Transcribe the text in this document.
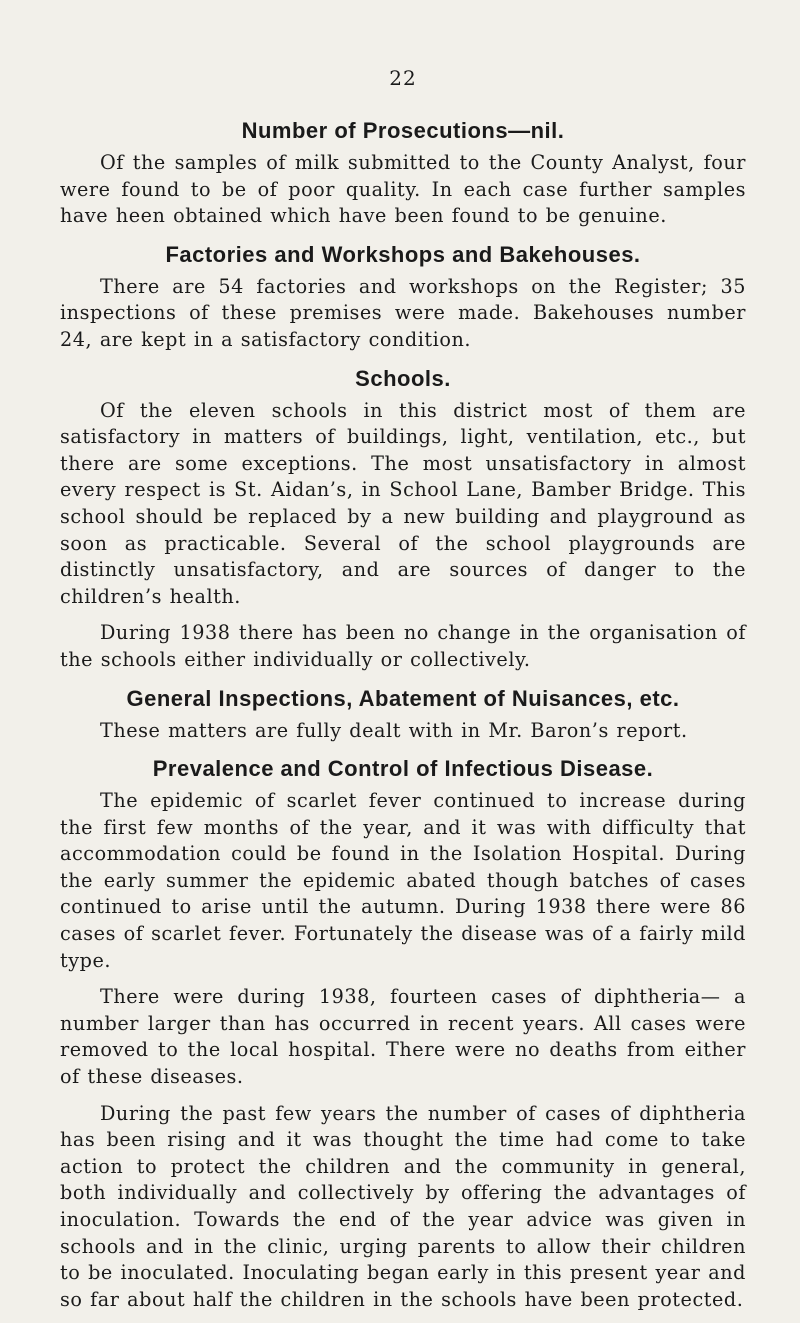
22
Number of Prosecutions—nil.

Of the samples of milk submitted to the County Analyst, four were found to be of poor quality. In each case further samples have heen obtained which have been found to be genuine.

Factories and Workshops and Bakehouses.

There are 54 factories and workshops on the Register; 35 inspections of these premises were made. Bakehouses number 24, are kept in a satisfactory condition.

Schools.

Of the eleven schools in this district most of them are satisfactory in matters of buildings, light, ventilation, etc., but there are some exceptions. The most unsatisfactory in almost every respect is St. Aidan’s, in School Lane, Bamber Bridge. This school should be replaced by a new building and playground as soon as practicable. Several of the school playgrounds are distinctly unsatisfactory, and are sources of danger to the children’s health.

During 1938 there has been no change in the organisation of the schools either individually or collectively.

General Inspections, Abatement of Nuisances, etc.

These matters are fully dealt with in Mr. Baron’s report.

Prevalence and Control of Infectious Disease.

The epidemic of scarlet fever continued to increase during the first few months of the year, and it was with difficulty that accommodation could be found in the Isolation Hospital. During the early summer the epidemic abated though batches of cases continued to arise until the autumn. During 1938 there were 86 cases of scarlet fever. Fortunately the disease was of a fairly mild type.

There were during 1938, fourteen cases of diphtheria— a number larger than has occurred in recent years. All cases were removed to the local hospital. There were no deaths from either of these diseases.

During the past few years the number of cases of diphtheria has been rising and it was thought the time had come to take action to protect the children and the community in general, both individually and collectively by offering the advantages of inoculation. Towards the end of the year advice was given in schools and in the clinic, urging parents to allow their children to be inoculated. Inoculating began early in this present year and so far about half the children in the schools have been protected.
